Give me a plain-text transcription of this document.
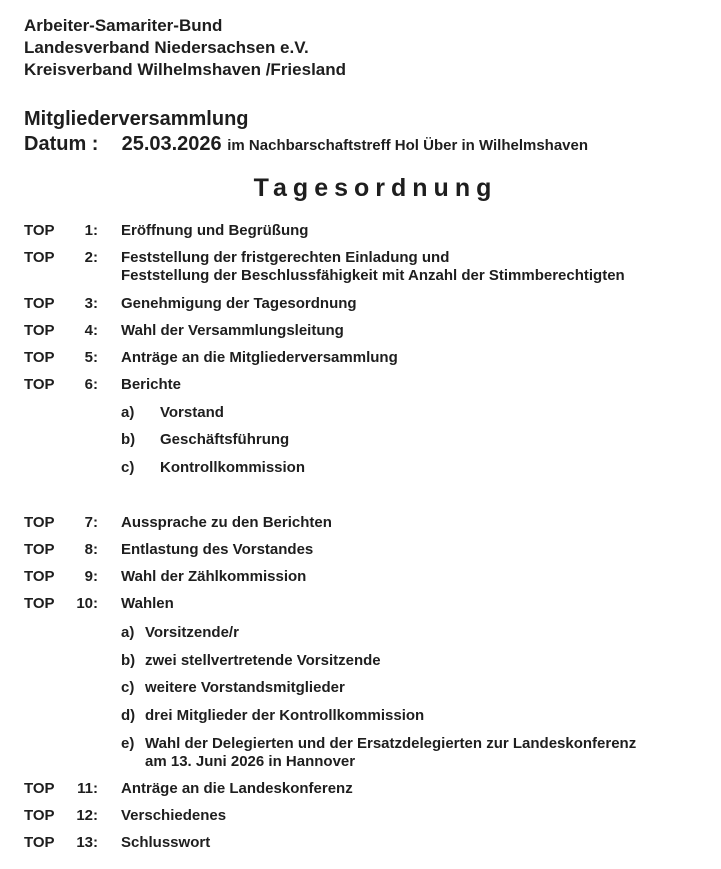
Arbeiter-Samariter-Bund
Landesverband Niedersachsen e.V.
Kreisverband Wilhelmshaven /Friesland
Mitgliederversammlung
Datum : 25.03.2026 im Nachbarschaftstreff Hol Über in Wilhelmshaven
Tagesordnung
TOP	1: Eröffnung und Begrüßung
TOP	2: Feststellung der fristgerechten Einladung und
Feststellung der Beschlussfähigkeit mit Anzahl der Stimmberechtigten
TOP	3: Genehmigung der Tagesordnung
TOP	4: Wahl der Versammlungsleitung
TOP	5: Anträge an die Mitgliederversammlung
TOP	6: Berichte
a) Vorstand
b) Geschäftsführung
c) Kontrollkommission
TOP	7: Aussprache zu den Berichten
TOP	8: Entlastung des Vorstandes
TOP	9: Wahl der Zählkommission
TOP	10: Wahlen
a) Vorsitzende/r
b) zwei stellvertretende Vorsitzende
c) weitere Vorstandsmitglieder
d) drei Mitglieder der Kontrollkommission
e) Wahl der Delegierten und der Ersatzdelegierten zur Landeskonferenz
am 13. Juni 2026 in Hannover
TOP	11: Anträge an die Landeskonferenz
TOP	12: Verschiedenes
TOP	13: Schlusswort
